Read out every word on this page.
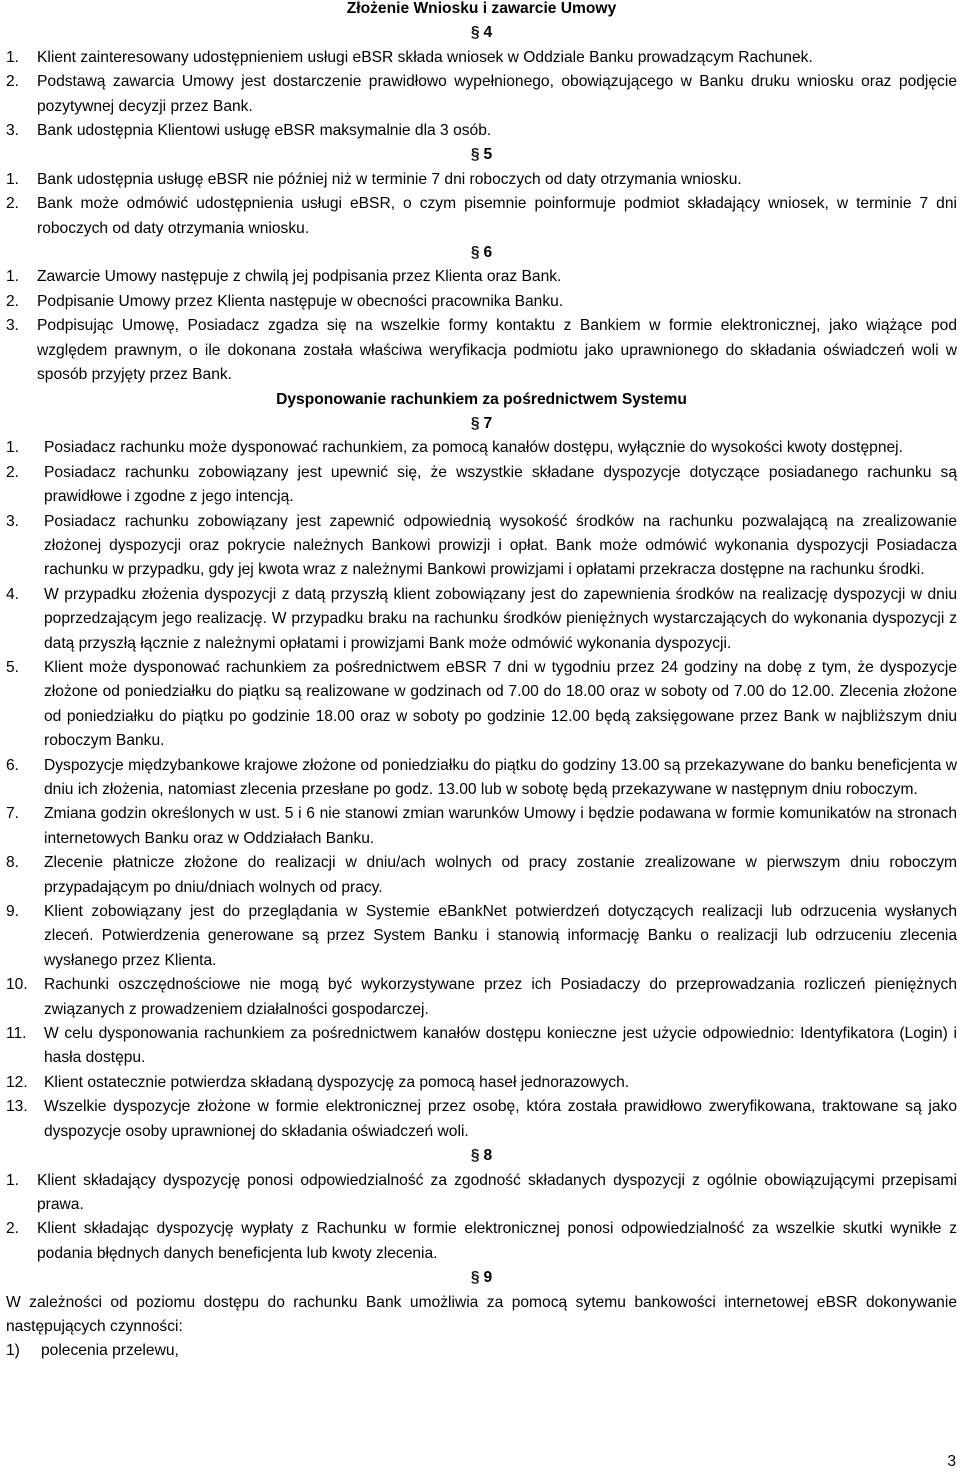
Złożenie Wniosku i zawarcie Umowy

§ 4

1.	Klient zainteresowany udostępnieniem usługi eBSR składa wniosek w Oddziale Banku prowadzącym Rachunek.
2.	Podstawą zawarcia Umowy jest dostarczenie prawidłowo wypełnionego, obowiązującego w Banku druku wniosku oraz podjęcie pozytywnej decyzji przez Bank.
3.	Bank udostępnia Klientowi usługę eBSR maksymalnie dla 3 osób.

§ 5

1.	Bank udostępnia usługę eBSR nie później niż w terminie 7 dni roboczych od daty otrzymania wniosku.
2.	Bank może odmówić udostępnienia usługi eBSR, o czym pisemnie poinformuje podmiot składający wniosek, w terminie 7 dni roboczych od daty otrzymania wniosku.

§ 6

1.	Zawarcie Umowy następuje z chwilą jej podpisania przez Klienta oraz Bank.
2.	Podpisanie Umowy przez Klienta następuje w obecności pracownika Banku.
3.	Podpisując Umowę, Posiadacz zgadza się na wszelkie formy kontaktu z Bankiem w formie elektronicznej, jako wiążące pod względem prawnym, o ile dokonana została właściwa weryfikacja podmiotu jako uprawnionego do składania oświadczeń woli w sposób przyjęty przez Bank.

Dysponowanie rachunkiem za pośrednictwem Systemu

§ 7

1.	Posiadacz rachunku może dysponować rachunkiem, za pomocą kanałów dostępu, wyłącznie do wysokości kwoty dostępnej.
2.	Posiadacz rachunku zobowiązany jest upewnić się, że wszystkie składane dyspozycje dotyczące posiadanego rachunku są prawidłowe i zgodne z jego intencją.
3.	Posiadacz rachunku zobowiązany jest zapewnić odpowiednią wysokość środków na rachunku pozwalającą na zrealizowanie złożonej dyspozycji oraz pokrycie należnych Bankowi prowizji i opłat. Bank może odmówić wykonania dyspozycji Posiadacza rachunku w przypadku, gdy jej kwota wraz z należnymi Bankowi prowizjami i opłatami przekracza dostępne na rachunku środki.
4.	W przypadku złożenia dyspozycji z datą przyszłą klient zobowiązany jest do zapewnienia środków na realizację dyspozycji w dniu poprzedzającym jego realizację. W przypadku braku na rachunku środków pieniężnych wystarczających do wykonania dyspozycji z datą przyszłą łącznie z należnymi opłatami i prowizjami Bank może odmówić wykonania dyspozycji.
5.	Klient może dysponować rachunkiem za pośrednictwem eBSR 7 dni w tygodniu przez 24 godziny na dobę z tym, że dyspozycje złożone od poniedziałku do piątku są realizowane w godzinach od 7.00 do 18.00 oraz w soboty od 7.00 do 12.00. Zlecenia złożone od poniedziałku do piątku po godzinie 18.00 oraz w soboty po godzinie 12.00 będą zaksięgowane przez Bank w najbliższym dniu roboczym Banku.
6.	Dyspozycje międzybankowe krajowe złożone od poniedziałku do piątku do godziny 13.00 są przekazywane do banku beneficjenta w dniu ich złożenia, natomiast zlecenia przesłane po godz. 13.00 lub w sobotę będą przekazywane w następnym dniu roboczym.
7.	Zmiana godzin określonych w ust. 5 i 6 nie stanowi zmian warunków Umowy i będzie podawana w formie komunikatów na stronach internetowych Banku oraz w Oddziałach Banku.
8.	Zlecenie płatnicze złożone do realizacji w dniu/ach wolnych od pracy zostanie zrealizowane w pierwszym dniu roboczym przypadającym po dniu/dniach wolnych od pracy.
9.	Klient zobowiązany jest do przeglądania w Systemie eBankNet potwierdzeń dotyczących realizacji lub odrzucenia wysłanych zleceń. Potwierdzenia generowane są przez System Banku i stanowią informację Banku o realizacji lub odrzuceniu zlecenia wysłanego przez Klienta.
10.	Rachunki oszczędnościowe nie mogą być wykorzystywane przez ich Posiadaczy do przeprowadzania rozliczeń pieniężnych związanych z prowadzeniem działalności gospodarczej.
11.	W celu dysponowania rachunkiem za pośrednictwem kanałów dostępu konieczne jest użycie odpowiednio: Identyfikatora (Login) i hasła dostępu.
12.	Klient ostatecznie potwierdza składaną dyspozycję za pomocą haseł jednorazowych.
13.	Wszelkie dyspozycje złożone w formie elektronicznej przez osobę, która została prawidłowo zweryfikowana, traktowane są jako dyspozycje osoby uprawnionej do składania oświadczeń woli.

§ 8

1.	Klient składający dyspozycję ponosi odpowiedzialność za zgodność składanych dyspozycji z ogólnie obowiązującymi przepisami prawa.
2.	Klient składając dyspozycję wypłaty z Rachunku w formie elektronicznej ponosi odpowiedzialność za wszelkie skutki wynikłe z podania błędnych danych beneficjenta lub kwoty zlecenia.

§ 9

W zależności od poziomu dostępu do rachunku Bank umożliwia za pomocą sytemu bankowości internetowej eBSR dokonywanie następujących czynności:
1)	polecenia przelewu,
3
